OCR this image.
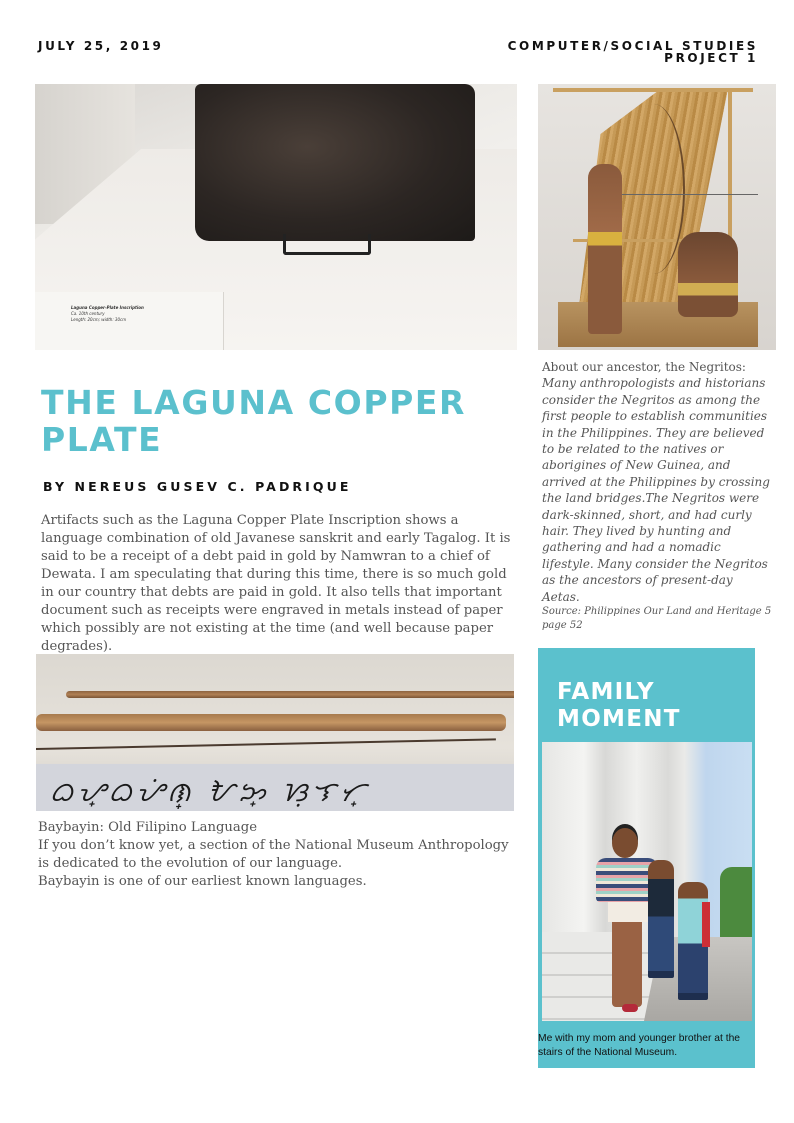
JULY 25, 2019	COMPUTER/SOCIAL STUDIES
PROJECT 1
Laguna Copper-Plate Inscription
Ca. 10th century
Length: 20cm; width: 30cm
THE LAGUNA COPPER PLATE
BY NEREUS GUSEV C. PADRIQUE
Artifacts such as the Laguna Copper Plate Inscription shows a language combination of old Javanese sanskrit and early Tagalog. It is said to be a receipt of a debt paid in gold by Namwran to a chief of Dewata. I am speculating that during this time, there is so much gold in our country that debts are paid in gold. It also tells that important document such as receipts were engraved in metals instead of paper which possibly are not existing at the time (and well because paper degrades).
About our ancestor, the Negritos:
Many anthropologists and historians consider the Negritos as among the first people to establish communities in the Philippines. They are believed to be related to the natives or aborigines of New Guinea, and arrived at the Philippines by crossing the land bridges.The Negritos were dark-skinned, short, and had curly hair. They lived by hunting and gathering and had a nomadic lifestyle. Many consider the Negritos as the ancestors of present-day Aetas.
Source: Philippines Our Land and Heritage 5 page 52
ᜊᜌ᜔ᜊᜌᜒᜈ᜔ ᜀᜅ᜔ ᜐᜓᜎᜆ᜔
Baybayin: Old Filipino Language
If you don’t know yet, a section of the National Museum Anthropology is dedicated to the evolution of our language.
Baybayin is one of our earliest known languages.
FAMILY
MOMENT
Me with my mom and younger brother at the stairs of the National Museum.
